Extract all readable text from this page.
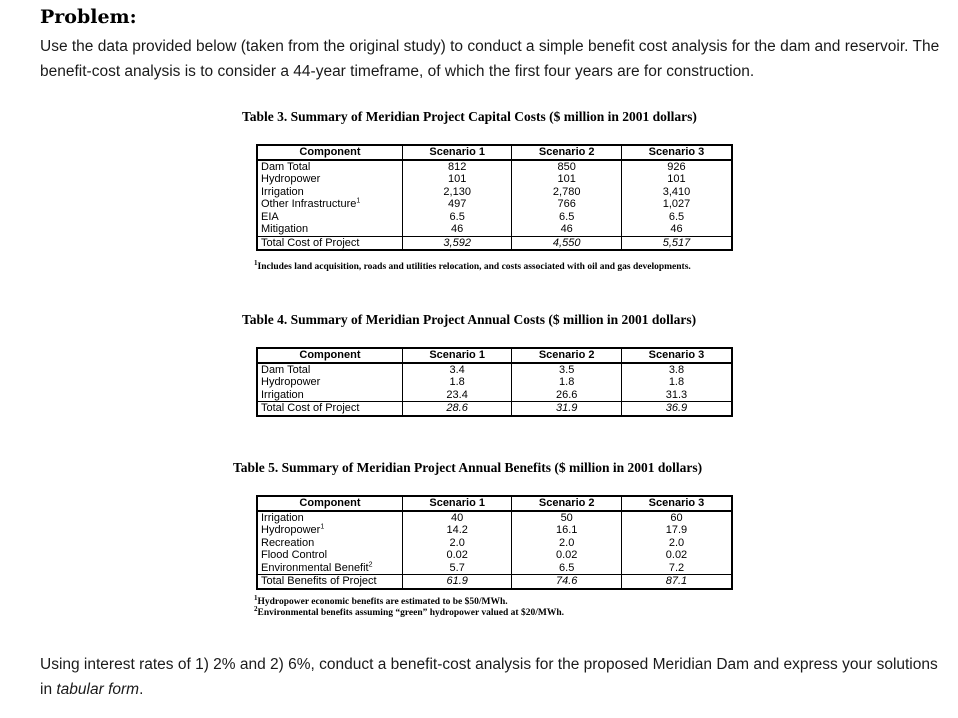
Problem:
Use the data provided below (taken from the original study) to conduct a simple benefit cost analysis for the dam and reservoir. The benefit-cost analysis is to consider a 44-year timeframe, of which the first four years are for construction.
Table 3. Summary of Meridian Project Capital Costs ($ million in 2001 dollars)
Component	Scenario 1	Scenario 2	Scenario 3
Dam Total	812	850	926
Hydropower	101	101	101
Irrigation	2,130	2,780	3,410
Other Infrastructure$^1$	497	766	1,027
EIA	6.5	6.5	6.5
Mitigation	46	46	46
Total Cost of Project	3,592	4,550	5,517
$^1$Includes land acquisition, roads and utilities relocation, and costs associated with oil and gas developments.
Table 4. Summary of Meridian Project Annual Costs ($ million in 2001 dollars)
Component	Scenario 1	Scenario 2	Scenario 3
Dam Total	3.4	3.5	3.8
Hydropower	1.8	1.8	1.8
Irrigation	23.4	26.6	31.3
Total Cost of Project	28.6	31.9	36.9
Table 5. Summary of Meridian Project Annual Benefits ($ million in 2001 dollars)
Component	Scenario 1	Scenario 2	Scenario 3
Irrigation	40	50	60
Hydropower$^1$	14.2	16.1	17.9
Recreation	2.0	2.0	2.0
Flood Control	0.02	0.02	0.02
Environmental Benefit$^2$	5.7	6.5	7.2
Total Benefits of Project	61.9	74.6	87.1
$^1$Hydropower economic benefits are estimated to be $50/MWh.
$^2$Environmental benefits assuming “green” hydropower valued at $20/MWh.
Using interest rates of 1) 2% and 2) 6%, conduct a benefit-cost analysis for the proposed Meridian Dam and express your solutions in tabular form.
